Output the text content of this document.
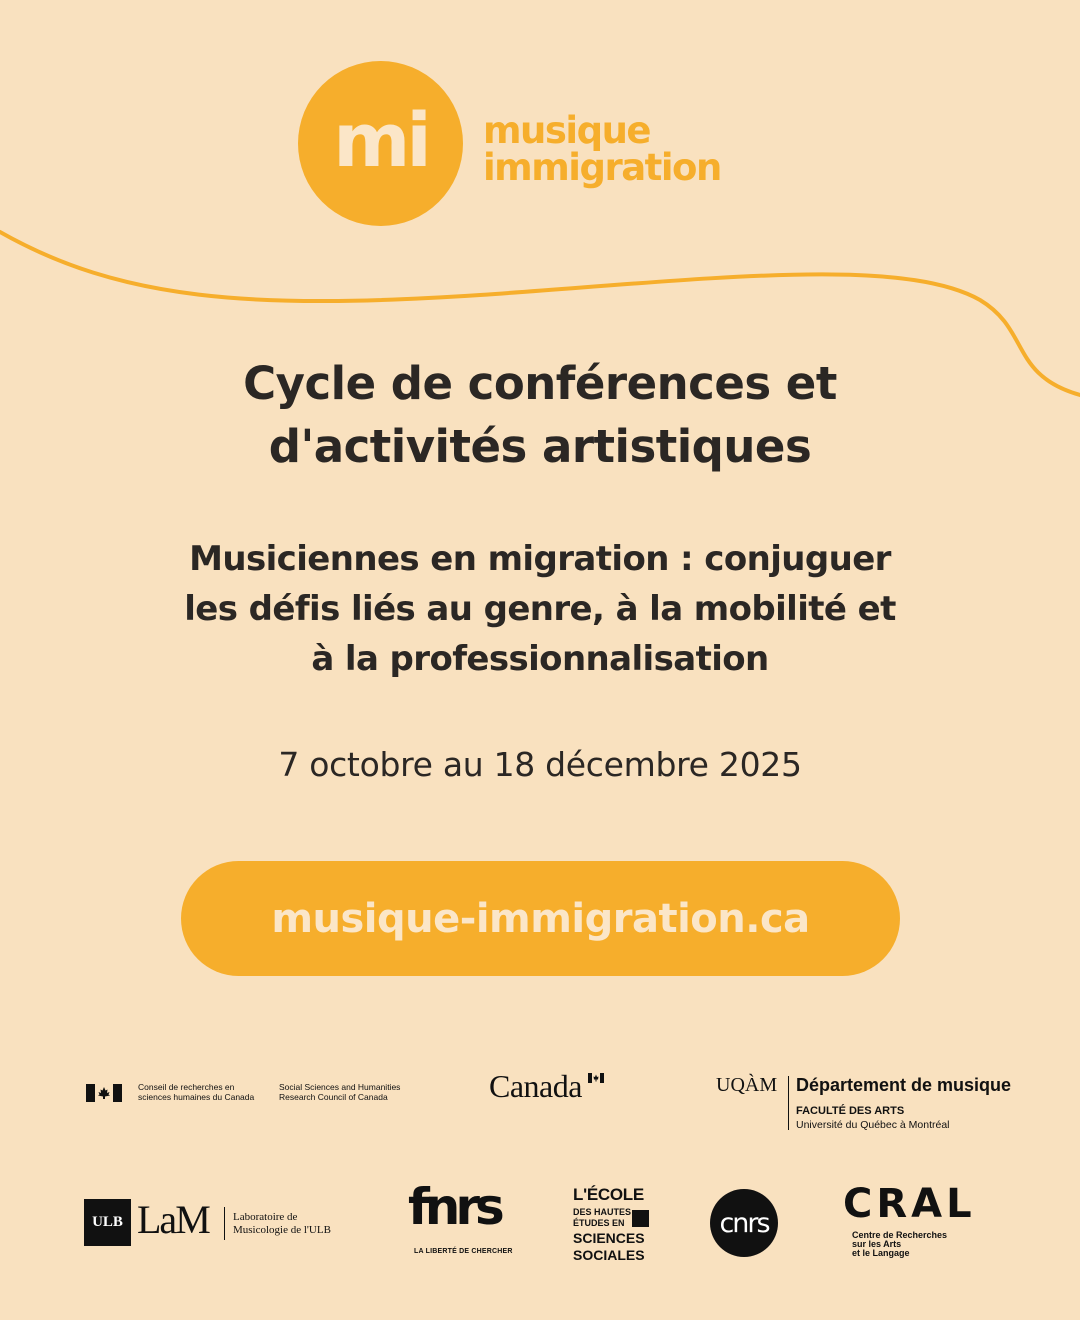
mi musique
immigration
Cycle de conférences et
d'activités artistiques
Musiciennes en migration : conjuguer
les défis liés au genre, à la mobilité et
à la professionnalisation
7 octobre au 18 décembre 2025
musique-immigration.ca
Conseil de recherches en
sciences humaines du Canada
Social Sciences and Humanities
Research Council of Canada	Canada	UQÀM Département de musique
FACULTÉ DES ARTS
Université du Québec à Montréal
ULB LaM Laboratoire de
Musicologie de l'ULB fnrs
LA LIBERTÉ DE CHERCHER
L'ÉCOLE
DES HAUTES
ÉTUDES EN
SCIENCES
SOCIALES
cnrs CRAL
Centre de Recherches
sur les Arts
et le Langage
